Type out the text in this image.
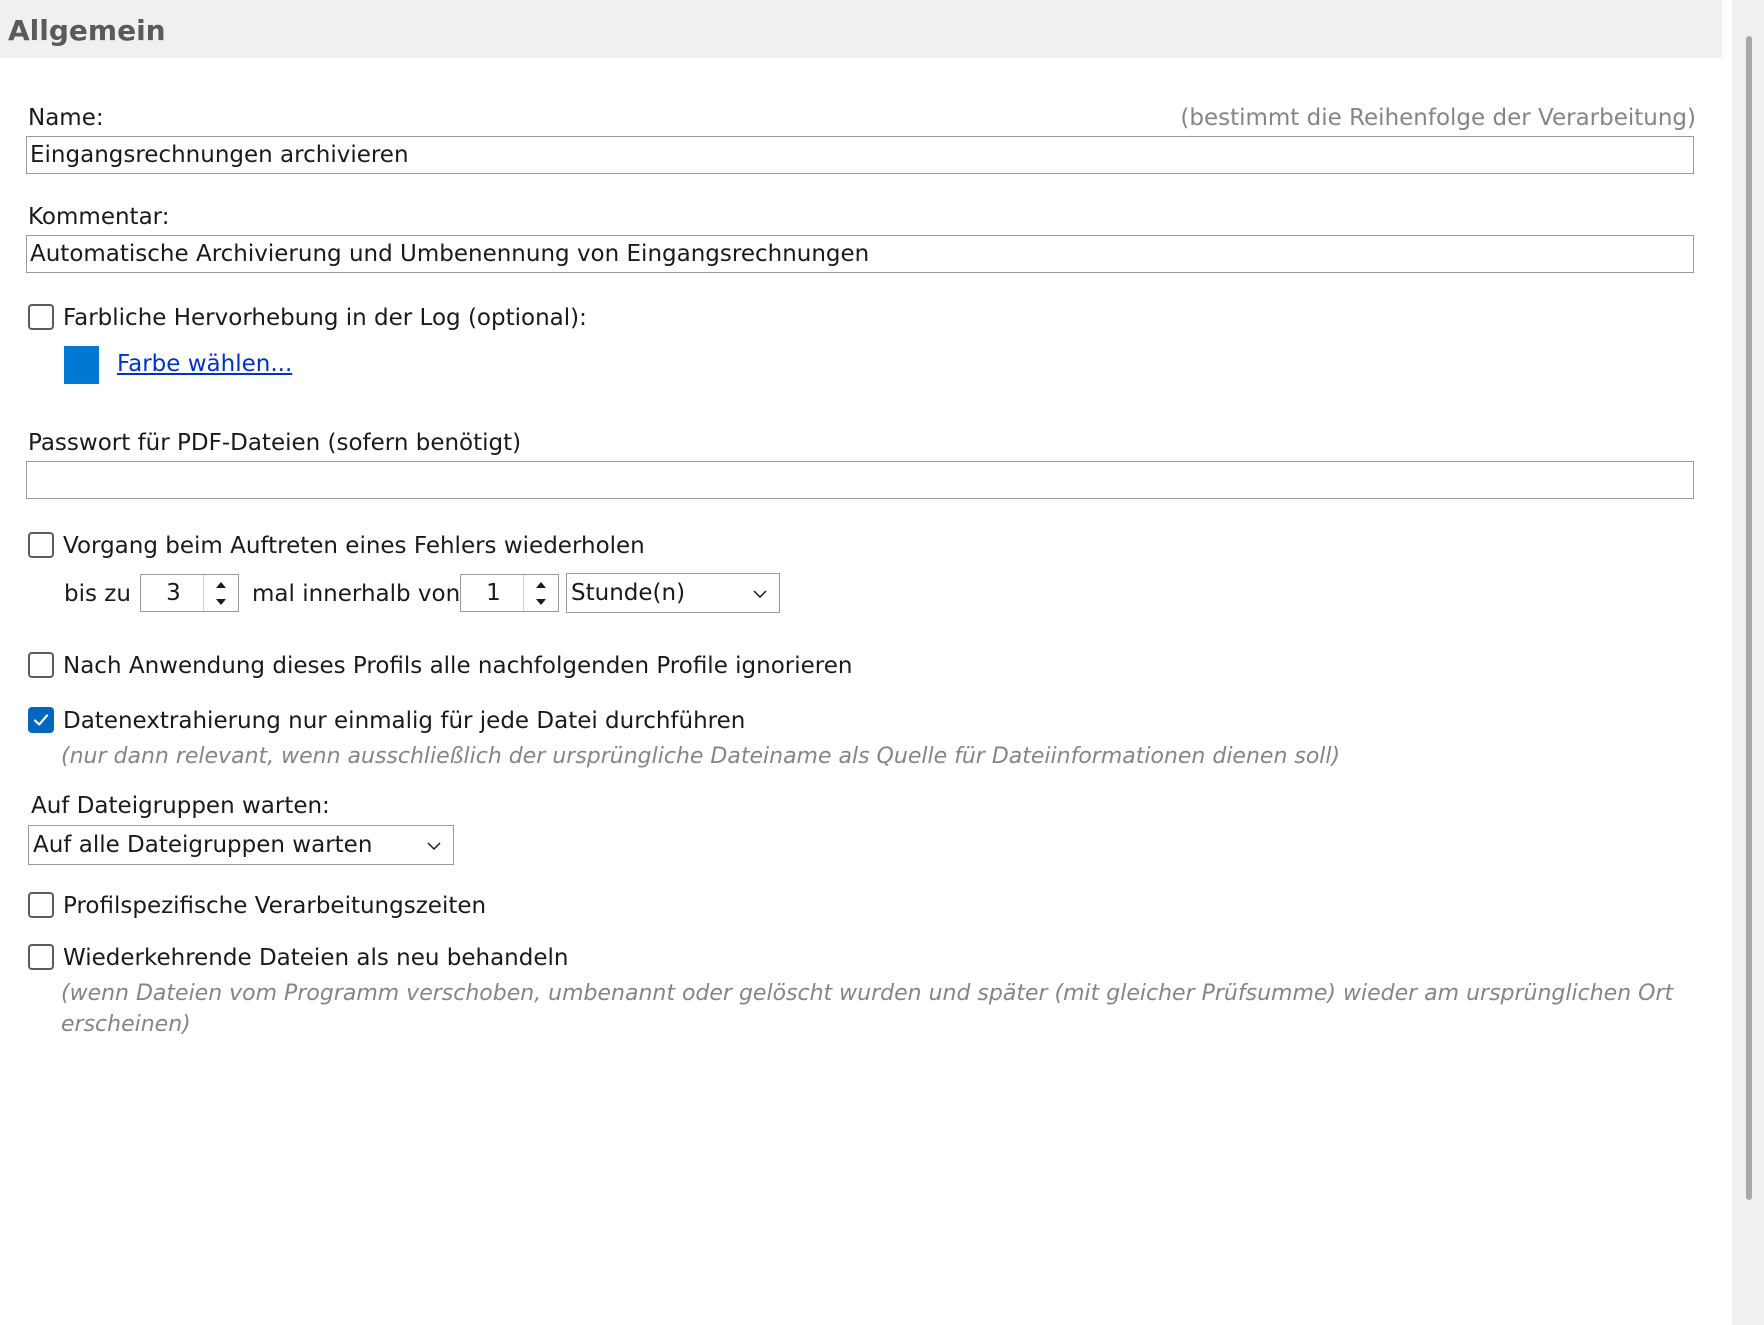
Allgemein
Name:	(bestimmt die Reihenfolge der Verarbeitung)
Eingangsrechnungen archivieren
Kommentar:
Automatische Archivierung und Umbenennung von Eingangsrechnungen
Farbliche Hervorhebung in der Log (optional):
Farbe wählen...
Passwort für PDF-Dateien (sofern benötigt)
Vorgang beim Auftreten eines Fehlers wiederholen
bis zu	3	mal innerhalb von	1	Stunde(n)
Nach Anwendung dieses Profils alle nachfolgenden Profile ignorieren
Datenextrahierung nur einmalig für jede Datei durchführen
(nur dann relevant, wenn ausschließlich der ursprüngliche Dateiname als Quelle für Dateiinformationen dienen soll)
Auf Dateigruppen warten:
Auf alle Dateigruppen warten
Profilspezifische Verarbeitungszeiten
Wiederkehrende Dateien als neu behandeln
(wenn Dateien vom Programm verschoben, umbenannt oder gelöscht wurden und später (mit gleicher Prüfsumme) wieder am ursprünglichen Ort
erscheinen)
